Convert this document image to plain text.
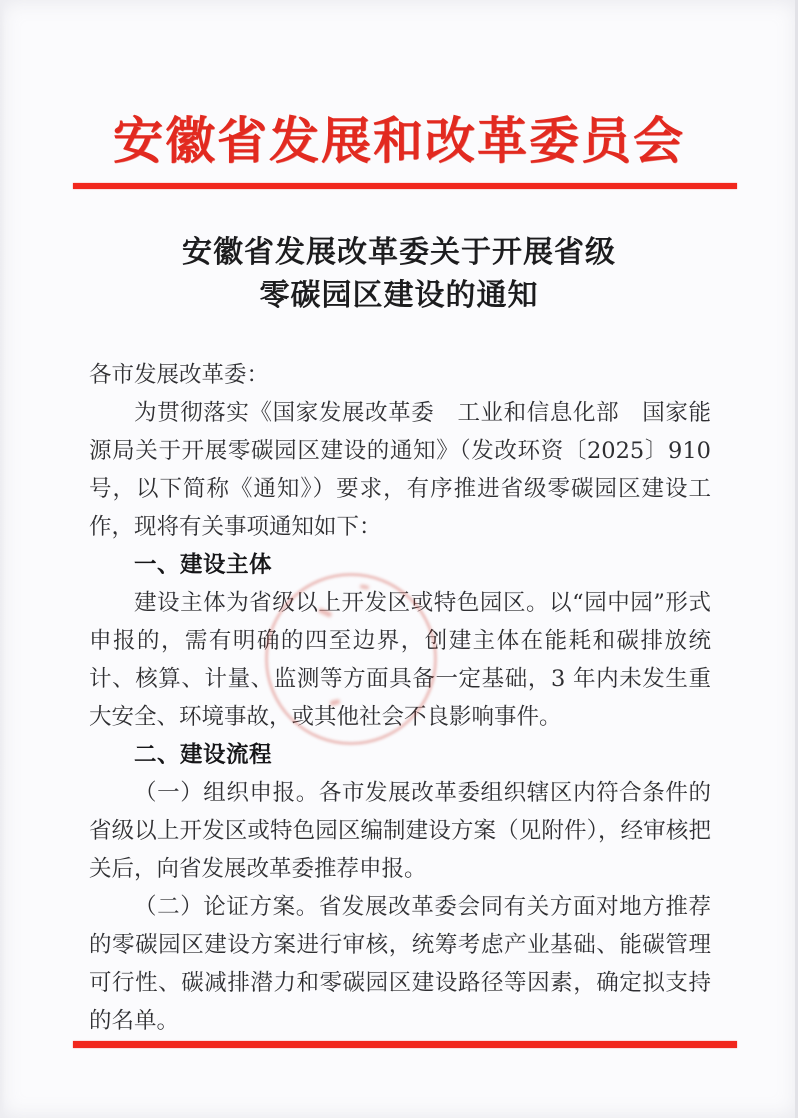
安徽省发展和改革委员会
安徽省发展改革委关于开展省级
零碳园区建设的通知

各市发展改革委：

为贯彻落实《国家发展改革委　工业和信息化部　国家能源局关于开展零碳园区建设的通知》（发改环资〔2025〕910 号，以下简称《通知》）要求，有序推进省级零碳园区建设工作，现将有关事项通知如下：

一、建设主体

建设主体为省级以上开发区或特色园区。以“园中园”形式申报的，需有明确的四至边界，创建主体在能耗和碳排放统计、核算、计量、监测等方面具备一定基础，3 年内未发生重大安全、环境事故，或其他社会不良影响事件。

二、建设流程

（一）组织申报。各市发展改革委组织辖区内符合条件的省级以上开发区或特色园区编制建设方案（见附件），经审核把关后，向省发展改革委推荐申报。

（二）论证方案。省发展改革委会同有关方面对地方推荐的零碳园区建设方案进行审核，统筹考虑产业基础、能碳管理可行性、碳减排潜力和零碳园区建设路径等因素，确定拟支持的名单。
